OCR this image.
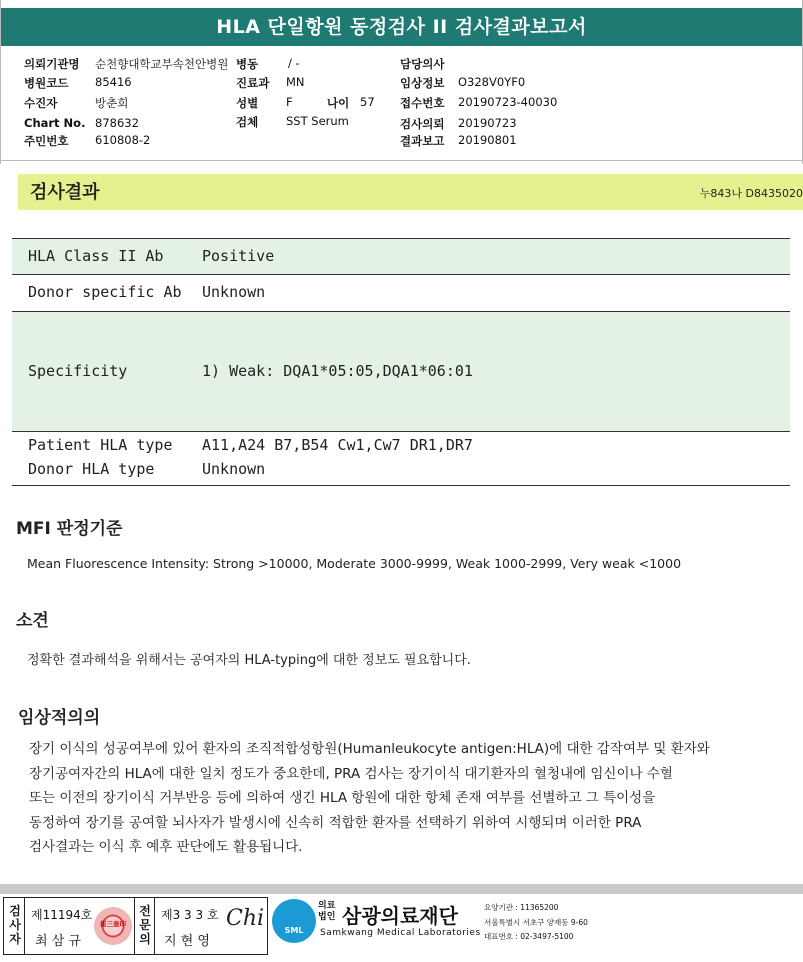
HLA 단일항원 동정검사 II 검사결과보고서
의뢰기관명 순천향대학교부속천안병원 병동	/ -	담당의사
병원코드 85416	진료과 MN	임상정보 O328V0YF0
수진자	방춘희	성별 F	나이 57 접수번호 20190723-40030
Chart No. 878632	검체 SST Serum	검사의뢰 20190723
주민번호 610808-2	결과보고 20190801
검사결과	누843나 D8435020
HLA Class II Ab	Positive
Donor specific Ab Unknown
Specificity	1) Weak: DQA1*05:05,DQA1*06:01
Patient HLA type A11,A24 B7,B54 Cw1,Cw7 DR1,DR7
Donor HLA type	Unknown
MFI 판정기준
Mean Fluorescence Intensity: Strong >10000, Moderate 3000-9999, Weak 1000-2999, Very weak <1000
소견
정확한 결과해석을 위해서는 공여자의 HLA-typing에 대한 정보도 필요합니다.
임상적의의

장기 이식의 성공여부에 있어 환자의 조직적합성항원(Humanleukocyte antigen:HLA)에 대한 감작여부 및 환자와

장기공여자간의 HLA에 대한 일치 정도가 중요한데, PRA 검사는 장기이식 대기환자의 혈청내에 임신이나 수혈

또는 이전의 장기이식 거부반응 등에 의하여 생긴 HLA 항원에 대한 항체 존재 여부를 선별하고 그 특이성을

동정하여 장기를 공여할 뇌사자가 발생시에 신속히 적합한 환자를 선택하기 위하여 시행되며 이러한 PRA

검사결과는 이식 후 예후 판단에도 활용됩니다.

검사자
제11194호
최 삼 규
崔三奎印
전문의
제3 3 3 호
지 현 영
Chi	SML
의료
법인 삼광의료재단
Samkwang Medical Laboratories
요양기관 : 11365200
서울특별시 서초구 양재동 9-60
대표번호 : 02-3497-5100
